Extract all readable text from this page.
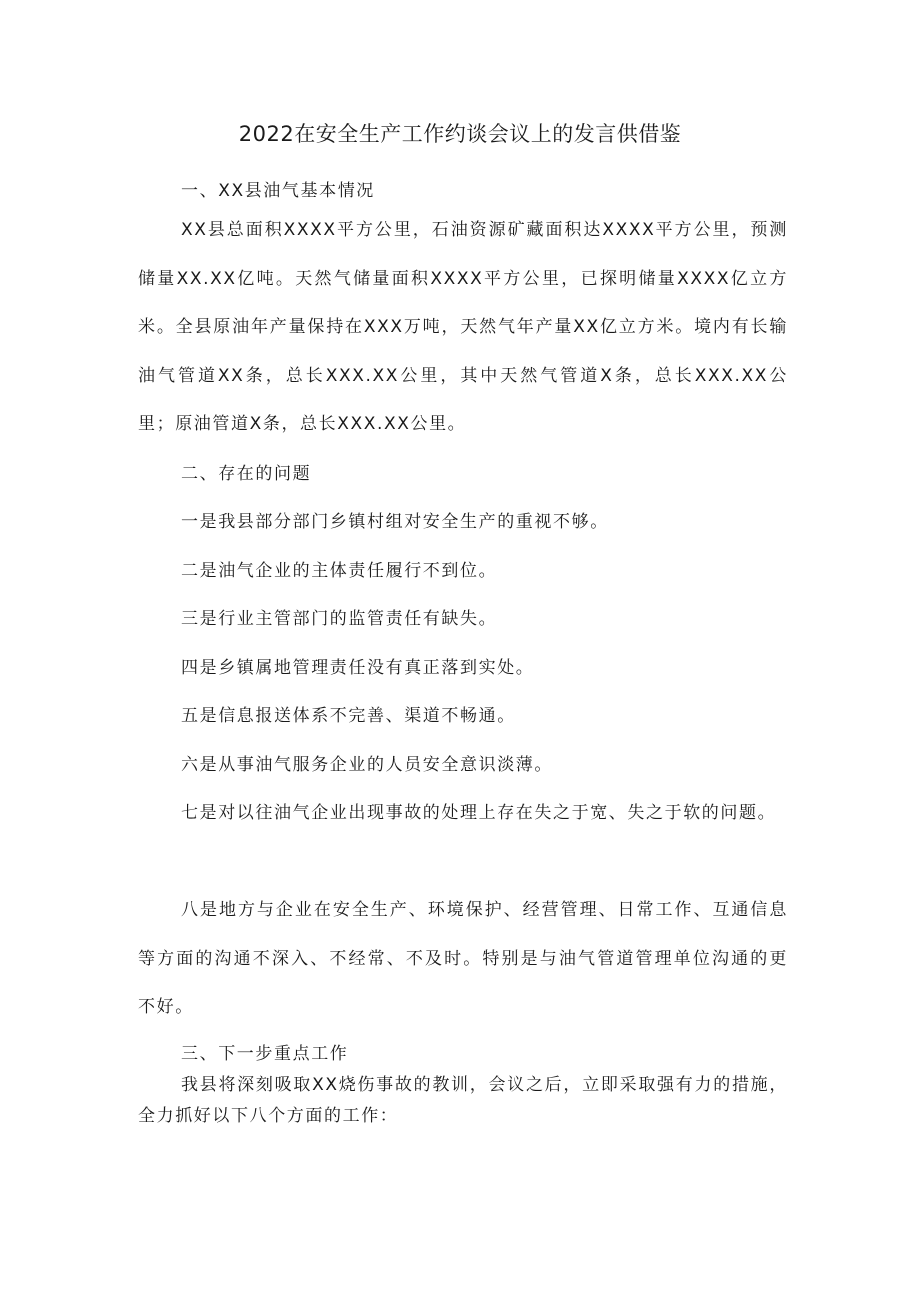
2022在安全生产工作约谈会议上的发言供借鉴

一、XX县油气基本情况

XX县总面积XXXX平方公里，石油资源矿藏面积达XXXX平方公里，预测储量XX.XX亿吨。天然气储量面积XXXX平方公里，已探明储量XXXX亿立方米。全县原油年产量保持在XXX万吨，天然气年产量XX亿立方米。境内有长输油气管道XX条，总长XXX.XX公里，其中天然气管道X条，总长XXX.XX公里；原油管道X条，总长XXX.XX公里。

二、存在的问题

一是我县部分部门乡镇村组对安全生产的重视不够。

二是油气企业的主体责任履行不到位。

三是行业主管部门的监管责任有缺失。

四是乡镇属地管理责任没有真正落到实处。

五是信息报送体系不完善、渠道不畅通。

六是从事油气服务企业的人员安全意识淡薄。

七是对以往油气企业出现事故的处理上存在失之于宽、失之于软的问题。

八是地方与企业在安全生产、环境保护、经营管理、日常工作、互通信息等方面的沟通不深入、不经常、不及时。特别是与油气管道管理单位沟通的更不好。

三、下一步重点工作

我县将深刻吸取XX烧伤事故的教训，会议之后，立即采取强有力的措施，全力抓好以下八个方面的工作：
